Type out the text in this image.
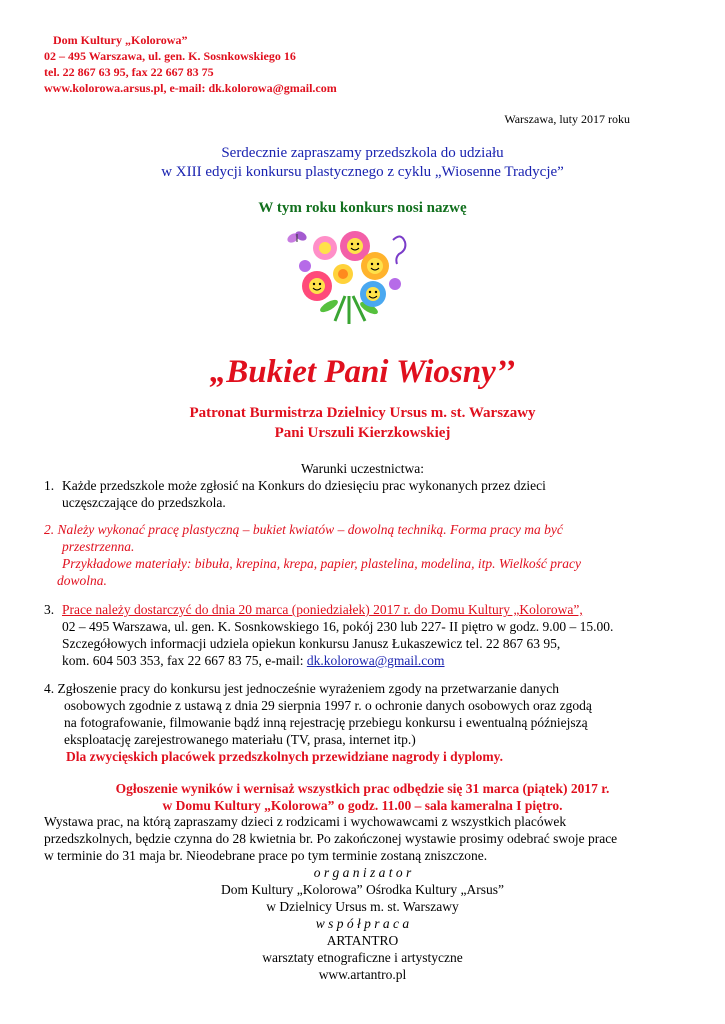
Dom Kultury „Kolorowa”
02 – 495 Warszawa, ul. gen. K. Sosnkowskiego 16
tel. 22 867 63 95, fax 22 667 83 75
www.kolorowa.arsus.pl, e-mail: dk.kolorowa@gmail.com
Warszawa, luty 2017 roku
Serdecznie zapraszamy przedszkola do udziału
w XIII edycji konkursu plastycznego z cyklu „Wiosenne Tradycje”
W tym roku konkurs nosi nazwę
„Bukiet Pani Wiosny’’
Patronat Burmistrza Dzielnicy Ursus m. st. Warszawy
Pani Urszuli Kierzkowskiej
Warunki uczestnictwa:
1. Każde przedszkole może zgłosić na Konkurs do dziesięciu prac wykonanych przez dzieci
uczęszczające do przedszkola.
2. Należy wykonać pracę plastyczną – bukiet kwiatów – dowolną techniką. Forma pracy ma być
przestrzenna.
Przykładowe materiały: bibuła, krepina, krepa, papier, plastelina, modelina, itp. Wielkość pracy
dowolna.
3. Prace należy dostarczyć do dnia 20 marca (poniedziałek) 2017 r. do Domu Kultury „Kolorowa”,
02 – 495 Warszawa, ul. gen. K. Sosnkowskiego 16, pokój 230 lub 227- II piętro w godz. 9.00 – 15.00.
Szczegółowych informacji udziela opiekun konkursu Janusz Łukaszewicz tel. 22 867 63 95,
kom. 604 503 353, fax 22 667 83 75, e-mail: dk.kolorowa@gmail.com
4. Zgłoszenie pracy do konkursu jest jednocześnie wyrażeniem zgody na przetwarzanie danych
osobowych zgodnie z ustawą z dnia 29 sierpnia 1997 r. o ochronie danych osobowych oraz zgodą
na fotografowanie, filmowanie bądź inną rejestrację przebiegu konkursu i ewentualną późniejszą
eksploatację zarejestrowanego materiału (TV, prasa, internet itp.)
Dla zwycięskich placówek przedszkolnych przewidziane nagrody i dyplomy.
Ogłoszenie wyników i wernisaż wszystkich prac odbędzie się 31 marca (piątek) 2017 r.
w Domu Kultury „Kolorowa” o godz. 11.00 – sala kameralna I piętro.
Wystawa prac, na którą zapraszamy dzieci z rodzicami i wychowawcami z wszystkich placówek
przedszkolnych, będzie czynna do 28 kwietnia br. Po zakończonej wystawie prosimy odebrać swoje prace
w terminie do 31 maja br. Nieodebrane prace po tym terminie zostaną zniszczone.
o r g a n i z a t o r
Dom Kultury „Kolorowa” Ośrodka Kultury „Arsus”
w Dzielnicy Ursus m. st. Warszawy
w s p ó ł p r a c a
ARTANTRO
warsztaty etnograficzne i artystyczne
www.artantro.pl
